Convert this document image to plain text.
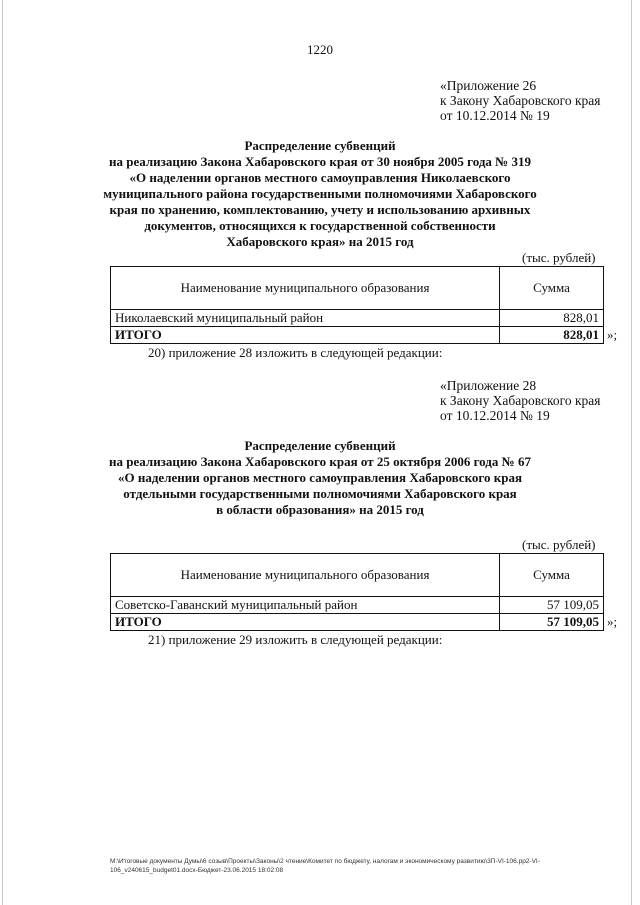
1220
«Приложение 26
к Закону Хабаровского края
от 10.12.2014 № 19
Распределение субвенций
на реализацию Закона Хабаровского края от 30 ноября 2005 года № 319
«О наделении органов местного самоуправления Николаевского
муниципального района государственными полномочиями Хабаровского
края по хранению, комплектованию, учету и использованию архивных
документов, относящихся к государственной собственности
Хабаровского края» на 2015 год
(тыс. рублей)
Наименование муниципального образования	Сумма
Николаевский муниципальный район	828,01
ИТОГО	828,01 »;
20) приложение 28 изложить в следующей редакции:
«Приложение 28
к Закону Хабаровского края
от 10.12.2014 № 19
Распределение субвенций
на реализацию Закона Хабаровского края от 25 октября 2006 года № 67
«О наделении органов местного самоуправления Хабаровского края
отдельными государственными полномочиями Хабаровского края
в области образования» на 2015 год
(тыс. рублей)
Наименование муниципального образования	Сумма
Советско-Гаванский муниципальный район	57 109,05
ИТОГО	57 109,05 »;
21) приложение 29 изложить в следующей редакции:
M:\Итоговые документы Думы\6 созыв\Проекты\Законы\2 чтение\Комитет по бюджету, налогам и экономическому развитию\3П-VI-106.рр2-VI-
106_v240615_budget01.docx-Бюджет-23.06.2015 18:02:08
